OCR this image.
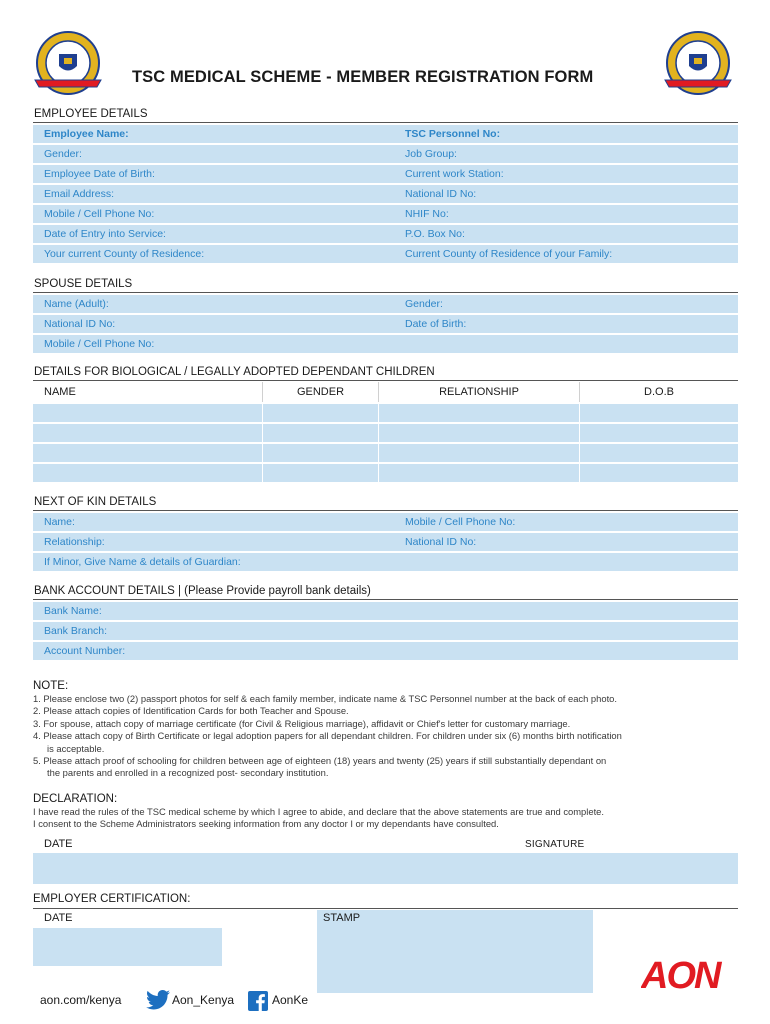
TSC MEDICAL SCHEME - MEMBER REGISTRATION FORM
EMPLOYEE DETAILS
Employee Name:	TSC Personnel No:
Gender:	Job Group:
Employee Date of Birth:	Current work Station:
Email Address:	National ID No:
Mobile / Cell Phone No:	NHIF No:
Date of Entry into Service:	P.O. Box No:
Your current County of Residence:	Current County of Residence of your Family:
SPOUSE DETAILS
Name (Adult):	Gender:
National ID No:	Date of Birth:
Mobile / Cell Phone No:
DETAILS FOR BIOLOGICAL / LEGALLY ADOPTED DEPENDANT CHILDREN
NAME	GENDER	RELATIONSHIP	D.O.B
NEXT OF KIN DETAILS
Name:	Mobile / Cell Phone No:
Relationship:	National ID No:
If Minor, Give Name & details of Guardian:
BANK ACCOUNT DETAILS | (Please Provide payroll bank details)
Bank Name:
Bank Branch:
Account Number:
NOTE:
1. Please enclose two (2) passport photos for self & each family member, indicate name & TSC Personnel number at the back of each photo.
2. Please attach copies of Identification Cards for both Teacher and Spouse.
3. For spouse, attach copy of marriage certificate (for Civil & Religious marriage), affidavit or Chief's letter for customary marriage.
4. Please attach copy of Birth Certificate or legal adoption papers for all dependant children. For children under six (6) months birth notification
is acceptable.
5. Please attach proof of schooling for children between age of eighteen (18) years and twenty (25) years if still substantially dependant on
the parents and enrolled in a recognized post- secondary institution.
DECLARATION:

I have read the rules of the TSC medical scheme by which I agree to abide, and declare that the above statements are true and complete.

I consent to the Scheme Administrators seeking information from any doctor I or my dependants have consulted.

DATE	SIGNATURE
EMPLOYER CERTIFICATION:
DATE	STAMP
aon.com/kenya	Aon_Kenya	AonKe
AON
